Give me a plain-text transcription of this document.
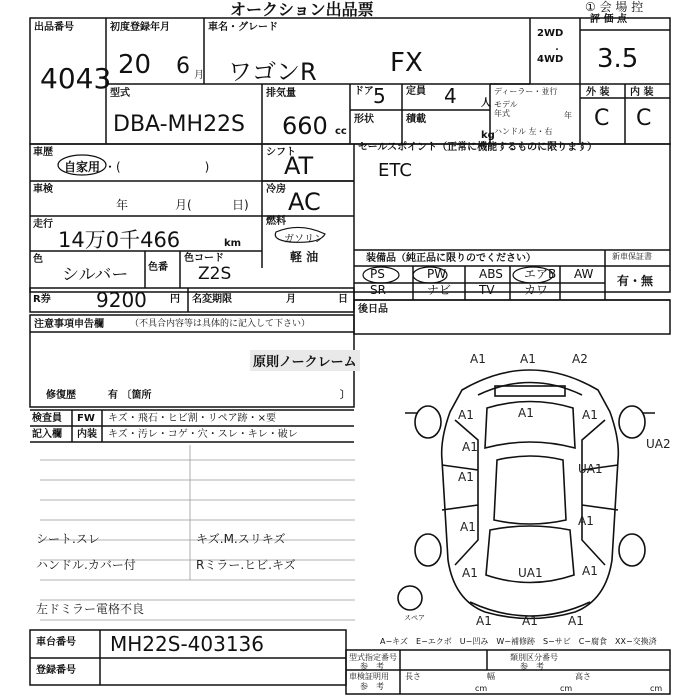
オークション出品票	① 会 場 控
出品番号
4043
初度登録年月
20 6 月
車名・グレード
ワゴンR	FX
2WD
4WD
・
評 価 点
3.5
型式
DBA-MH22S
排気量
660 cc
ドア 5 定員 4 人
形状	積載
kg
ディーラー・並行
モデル年式	年
ハンドル 左・右
外 装 内 装
C C
車歴
自家用 ・(　　　　　　　)
シフト
AT
セールスポイント（正常に機能するものに限ります）
ETC
車検
年	月(	日)
冷房 AC
走行
14万0千466	km
燃料
ガソリン
軽 油
色
シルバー 色番
色コード
Z2S
装備品（純正品に限りのでください）	新車保証書
有・無
PS	PW	ABS エアB AW
SR	ナビ TV カワ
R券 9200 円 名変期限	月	日
後日品
注意事項申告欄	（不具合内容等は具体的に記入して下さい）
原則ノークレーム
修復歴	有 〔箇所	〕
検査員
記入欄
FW キズ・飛石・ヒビ割・リペア跡・×要
内装 キズ・汚レ・コゲ・穴・スレ・キレ・破レ
シート.スレ
ハンドル.カバー付
キズ.M.スリキズ
Rミラー.ヒビ.キズ
左ドミラー電格不良
車台番号 MH22S-403136
登録番号
A−キズ　E−エクボ　U−凹み　W−補修跡　S−サビ　C−腐食　XX−交換済
スペア
型式指定番号
参　考
類別区分番号
参　考
車検証明用
参　考
長さ
cm
幅
cm
高さ
cm
A1	A1	A2
A1	A1	A1
UA2
A1
UA1
A1
A1	A1
A1	UA1	A1
A1	A1	A1
